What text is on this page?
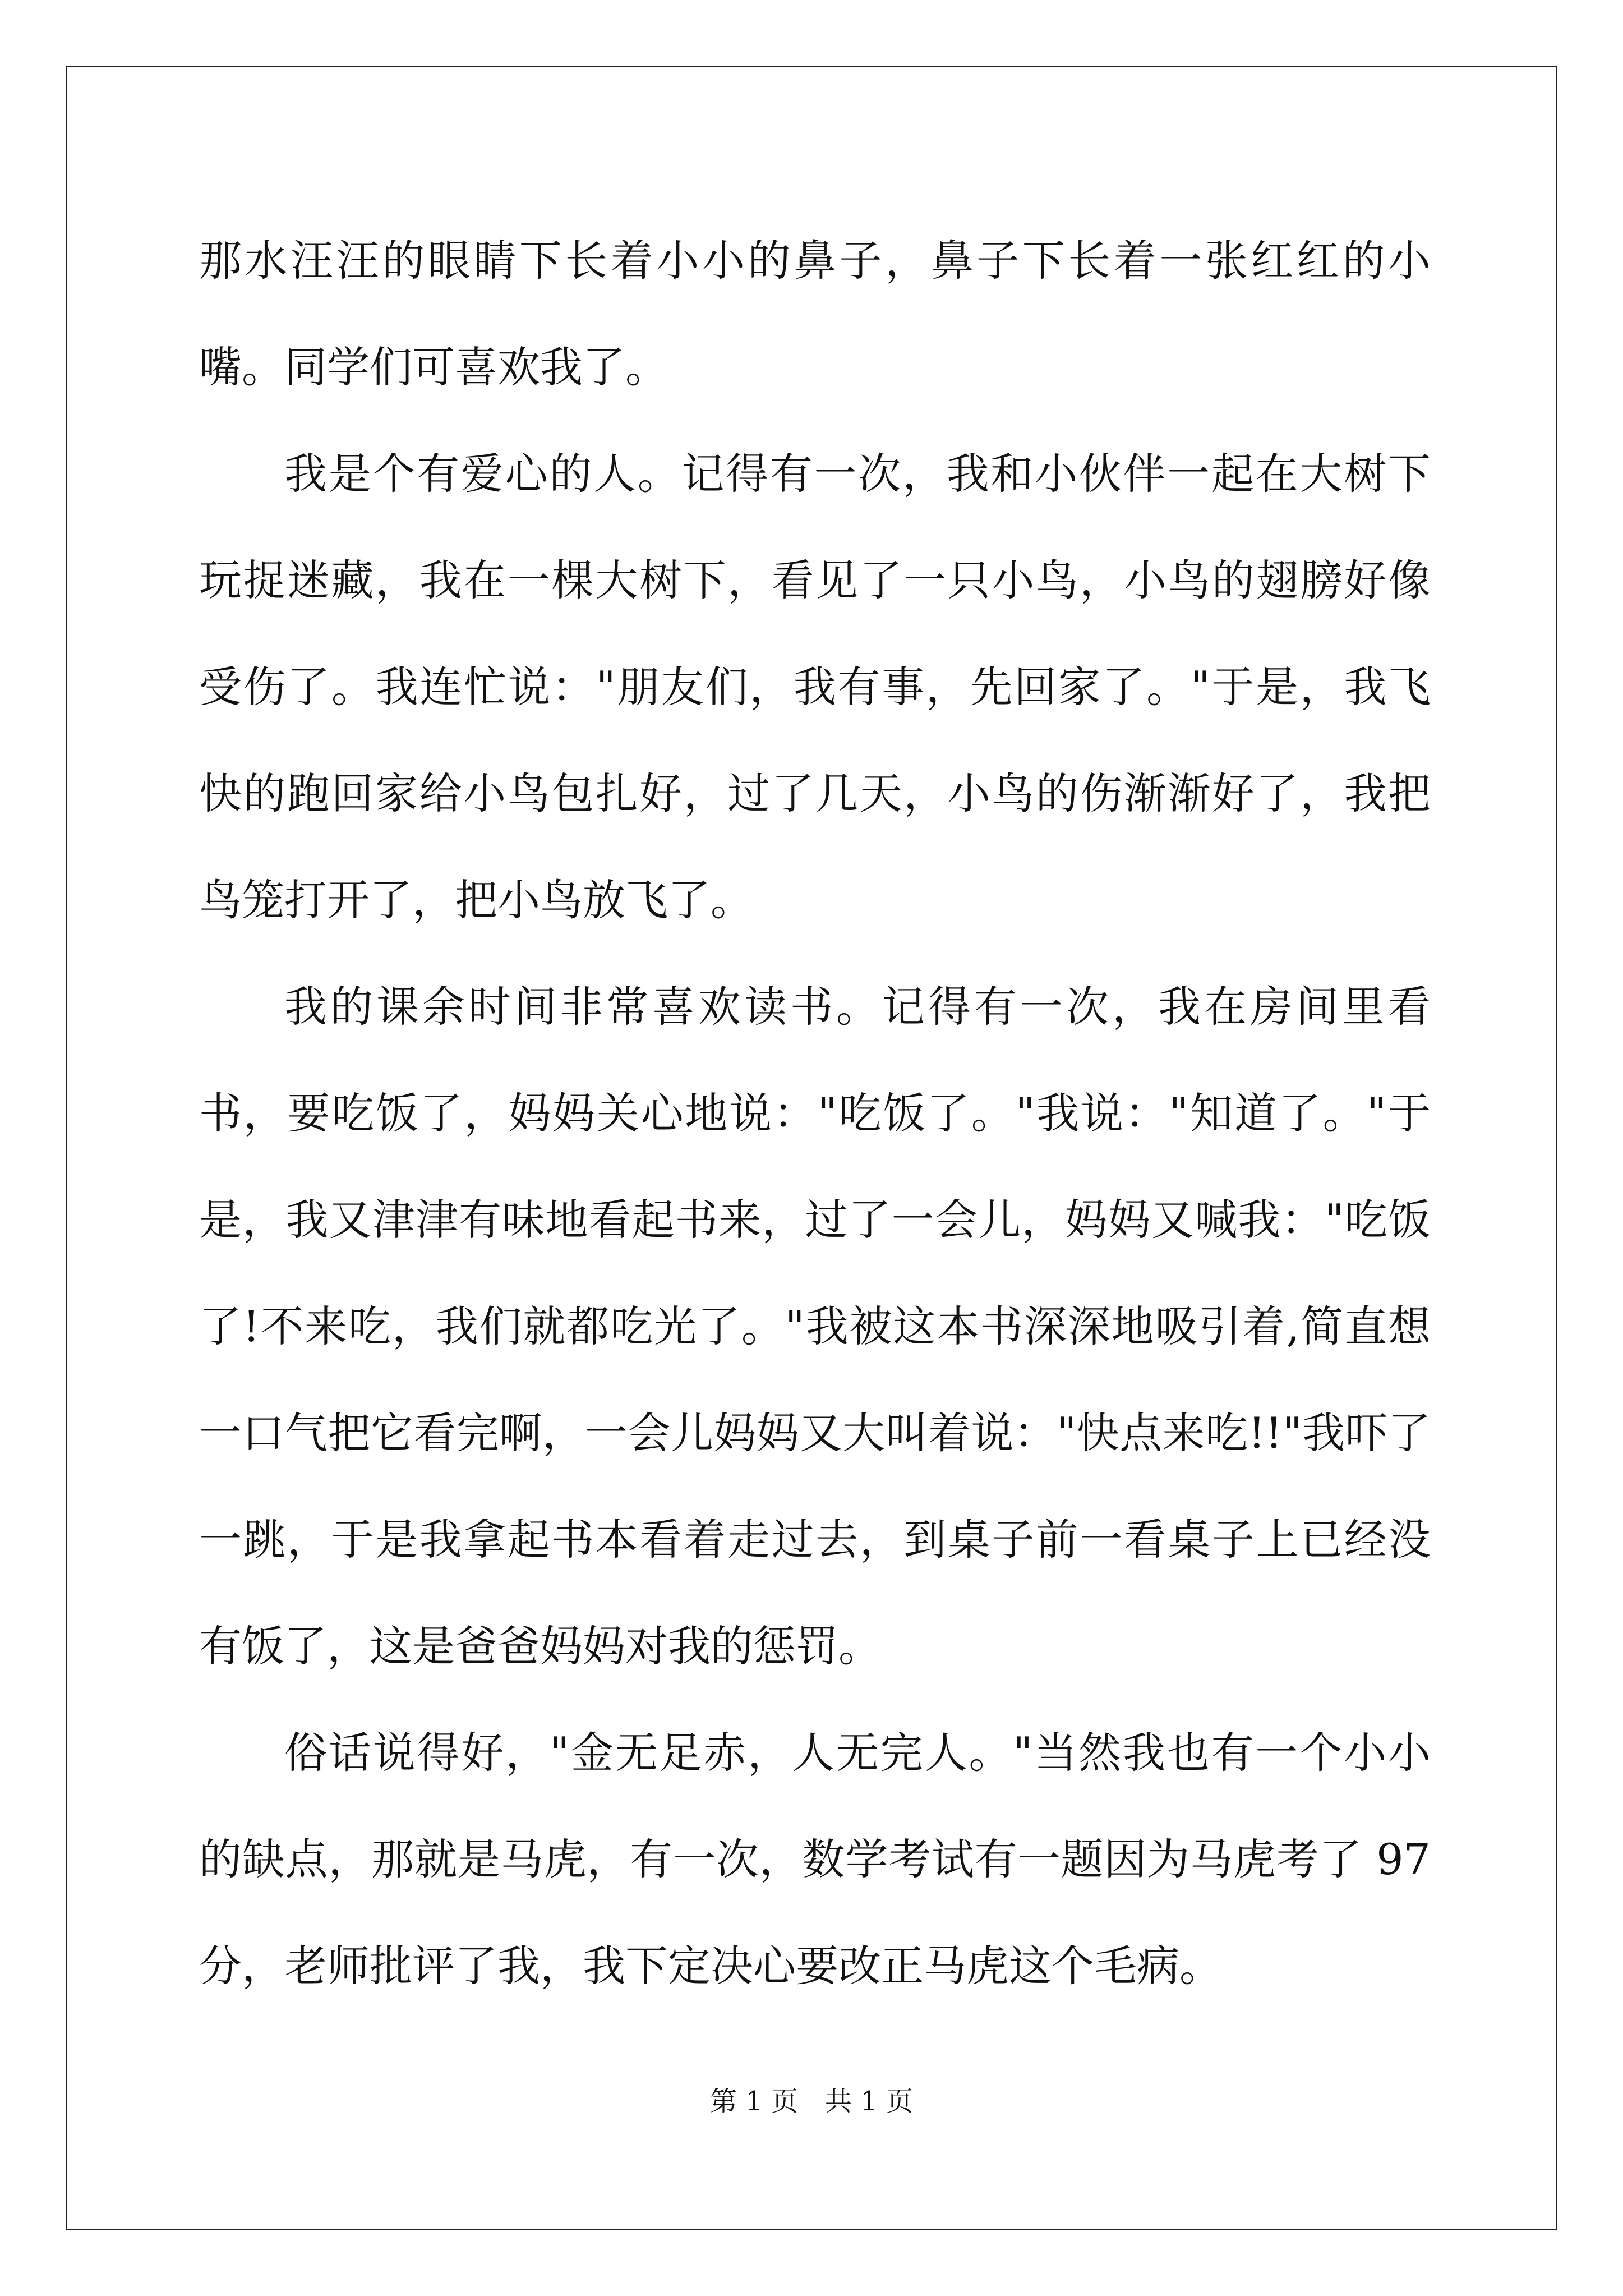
那水汪汪的眼睛下长着小小的鼻子，鼻子下长着一张红红的小嘴。同学们可喜欢我了。

我是个有爱心的人。记得有一次，我和小伙伴一起在大树下玩捉迷藏，我在一棵大树下，看见了一只小鸟，小鸟的翅膀好像受伤了。我连忙说："朋友们，我有事，先回家了。"于是，我飞快的跑回家给小鸟包扎好，过了几天，小鸟的伤渐渐好了，我把鸟笼打开了，把小鸟放飞了。

我的课余时间非常喜欢读书。记得有一次，我在房间里看书，要吃饭了，妈妈关心地说："吃饭了。"我说："知道了。"于是，我又津津有味地看起书来，过了一会儿，妈妈又喊我："吃饭了!不来吃，我们就都吃光了。"我被这本书深深地吸引着,简直想一口气把它看完啊，一会儿妈妈又大叫着说："快点来吃!!"我吓了一跳，于是我拿起书本看着走过去，到桌子前一看桌子上已经没有饭了，这是爸爸妈妈对我的惩罚。

俗话说得好，"金无足赤，人无完人。"当然我也有一个小小的缺点，那就是马虎，有一次，数学考试有一题因为马虎考了 97 分，老师批评了我，我下定决心要改正马虎这个毛病。

第 1 页　共 1 页
